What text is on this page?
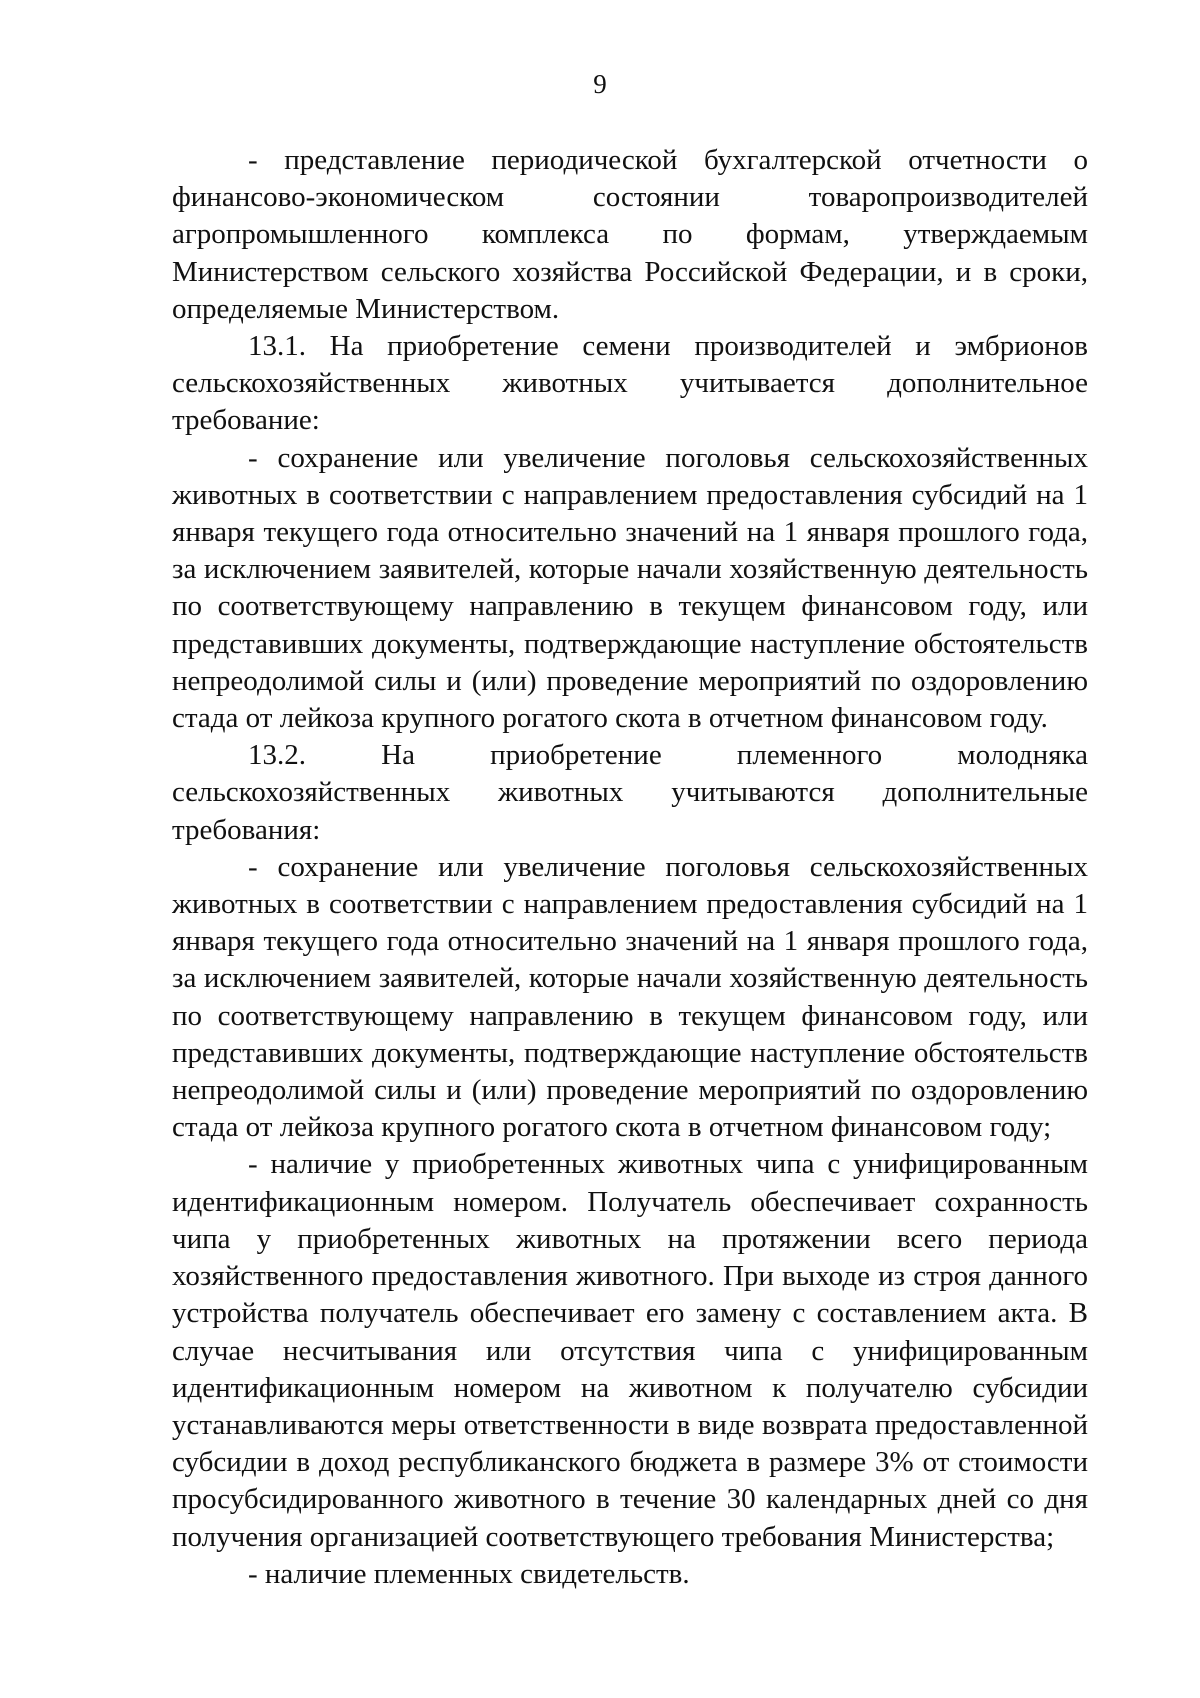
9

- представление периодической бухгалтерской отчетности о финансово-экономическом состоянии товаропроизводителей агропромышленного комплекса по формам, утверждаемым Министерством сельского хозяйства Российской Федерации, и в сроки, определяемые Министерством.

13.1. На приобретение семени производителей и эмбрионов сельскохозяйственных животных учитывается дополнительное требование:

- сохранение или увеличение поголовья сельскохозяйственных животных в соответствии с направлением предоставления субсидий на 1 января текущего года относительно значений на 1 января прошлого года, за исключением заявителей, которые начали хозяйственную деятельность по соответствующему направлению в текущем финансовом году, или представивших документы, подтверждающие наступление обстоятельств непреодолимой силы и (или) проведение мероприятий по оздоровлению стада от лейкоза крупного рогатого скота в отчетном финансовом году.

13.2. На приобретение племенного молодняка сельскохозяйственных животных учитываются дополнительные требования:

- сохранение или увеличение поголовья сельскохозяйственных животных в соответствии с направлением предоставления субсидий на 1 января текущего года относительно значений на 1 января прошлого года, за исключением заявителей, которые начали хозяйственную деятельность по соответствующему направлению в текущем финансовом году, или представивших документы, подтверждающие наступление обстоятельств непреодолимой силы и (или) проведение мероприятий по оздоровлению стада от лейкоза крупного рогатого скота в отчетном финансовом году;

- наличие у приобретенных животных чипа с унифицированным идентификационным номером. Получатель обеспечивает сохранность чипа у приобретенных животных на протяжении всего периода хозяйственного предоставления животного. При выходе из строя данного устройства получатель обеспечивает его замену с составлением акта. В случае несчитывания или отсутствия чипа с унифицированным идентификационным номером на животном к получателю субсидии устанавливаются меры ответственности в виде возврата предоставленной субсидии в доход республиканского бюджета в размере 3% от стоимости просубсидированного животного в течение 30 календарных дней со дня получения организацией соответствующего требования Министерства;

- наличие племенных свидетельств.
